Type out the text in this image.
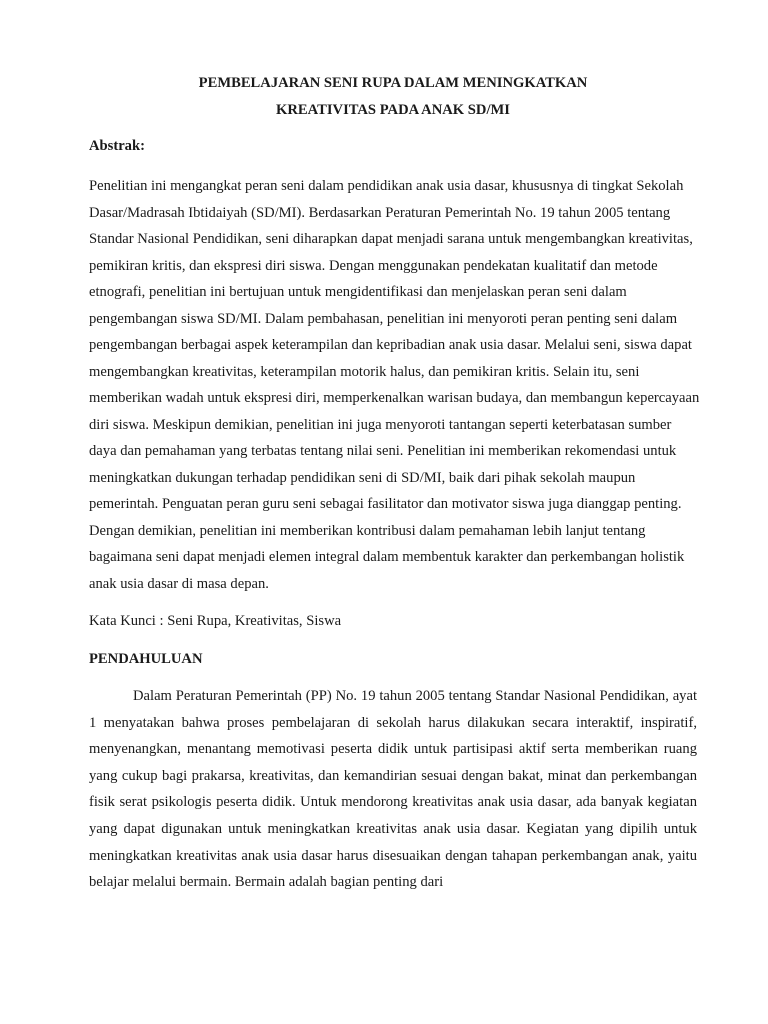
PEMBELAJARAN SENI RUPA DALAM MENINGKATKAN
KREATIVITAS PADA ANAK SD/MI
Abstrak:

Penelitian ini mengangkat peran seni dalam pendidikan anak usia dasar, khususnya di tingkat Sekolah Dasar/Madrasah Ibtidaiyah (SD/MI). Berdasarkan Peraturan Pemerintah No. 19 tahun 2005 tentang Standar Nasional Pendidikan, seni diharapkan dapat menjadi sarana untuk mengembangkan kreativitas, pemikiran kritis, dan ekspresi diri siswa. Dengan menggunakan pendekatan kualitatif dan metode etnografi, penelitian ini bertujuan untuk mengidentifikasi dan menjelaskan peran seni dalam pengembangan siswa SD/MI. Dalam pembahasan, penelitian ini menyoroti peran penting seni dalam pengembangan berbagai aspek keterampilan dan kepribadian anak usia dasar. Melalui seni, siswa dapat mengembangkan kreativitas, keterampilan motorik halus, dan pemikiran kritis. Selain itu, seni memberikan wadah untuk ekspresi diri, memperkenalkan warisan budaya, dan membangun kepercayaan diri siswa. Meskipun demikian, penelitian ini juga menyoroti tantangan seperti keterbatasan sumber daya dan pemahaman yang terbatas tentang nilai seni. Penelitian ini memberikan rekomendasi untuk meningkatkan dukungan terhadap pendidikan seni di SD/MI, baik dari pihak sekolah maupun pemerintah. Penguatan peran guru seni sebagai fasilitator dan motivator siswa juga dianggap penting. Dengan demikian, penelitian ini memberikan kontribusi dalam pemahaman lebih lanjut tentang bagaimana seni dapat menjadi elemen integral dalam membentuk karakter dan perkembangan holistik anak usia dasar di masa depan.

Kata Kunci : Seni Rupa, Kreativitas, Siswa

PENDAHULUAN

Dalam Peraturan Pemerintah (PP) No. 19 tahun 2005 tentang Standar Nasional Pendidikan, ayat 1 menyatakan bahwa proses pembelajaran di sekolah harus dilakukan secara interaktif, inspiratif, menyenangkan, menantang memotivasi peserta didik untuk partisipasi aktif serta memberikan ruang yang cukup bagi prakarsa, kreativitas, dan kemandirian sesuai dengan bakat, minat dan perkembangan fisik serat psikologis peserta didik. Untuk mendorong kreativitas anak usia dasar, ada banyak kegiatan yang dapat digunakan untuk meningkatkan kreativitas anak usia dasar. Kegiatan yang dipilih untuk meningkatkan kreativitas anak usia dasar harus disesuaikan dengan tahapan perkembangan anak, yaitu belajar melalui bermain. Bermain adalah bagian penting dari
